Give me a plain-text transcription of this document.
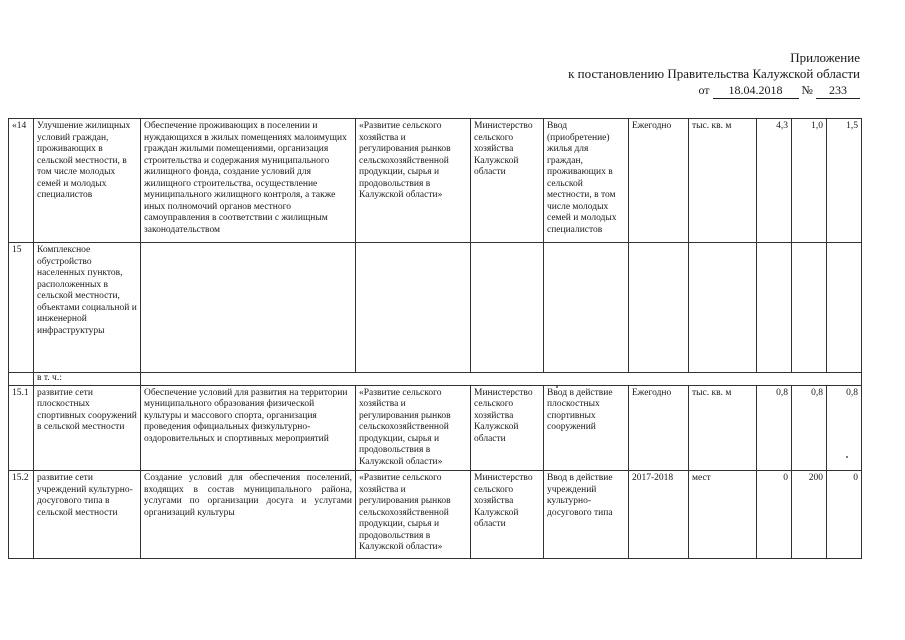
Приложение
к постановлению Правительства Калужской области
от 18.04.2018 № 233
«14	Улучшение жилищных условий граждан, проживающих в сельской местности, в том числе молодых семей и молодых специалистов	Обеспечение проживающих в поселении и нуждающихся в жилых помещениях малоимущих граждан жилыми помещениями, организация строительства и содержания муниципального жилищного фонда, создание условий для жилищного строительства, осуществление муниципального жилищного контроля, а также иных полномочий органов местного самоуправления в соответствии с жилищным законодательством	«Развитие сельского хозяйства и регулирования рынков сельскохозяйственной продукции, сырья и продовольствия в Калужской области»	Министерство сельского хозяйства Калужской области	Ввод (приобретение) жилья для граждан, проживающих в сельской местности, в том числе молодых семей и молодых специалистов	Ежегодно	тыс. кв. м	4,3	1,0	1,5
15	Комплексное обустройство населенных пунктов, расположенных в сельской местности, объектами социальной и инженерной инфраструктуры									
	в т. ч.:									
15.1	развитие сети плоскостных спортивных сооружений в сельской местности	Обеспечение условий для развития на территории муниципального образования физической культуры и массового спорта, организация проведения официальных физкультурно-оздоровительных и спортивных мероприятий	«Развитие сельского хозяйства и регулирования рынков сельскохозяйственной продукции, сырья и продовольствия в Калужской области»	Министерство сельского хозяйства Калужской области	Ввод в действие плоскостных спортивных сооружений	Ежегодно	тыс. кв. м	0,8	0,8	0,8
15.2	развитие сети учреждений культурно-досугового типа в сельской местности	Создание условий для обеспечения поселений, входящих в состав муниципального района, услугами по организации досуга и услугами организаций культуры	«Развитие сельского хозяйства и регулирования рынков сельскохозяйственной продукции, сырья и продовольствия в Калужской области»	Министерство сельского хозяйства Калужской области	Ввод в действие учреждений культурно-досугового типа	2017-2018	мест	0	200	0
